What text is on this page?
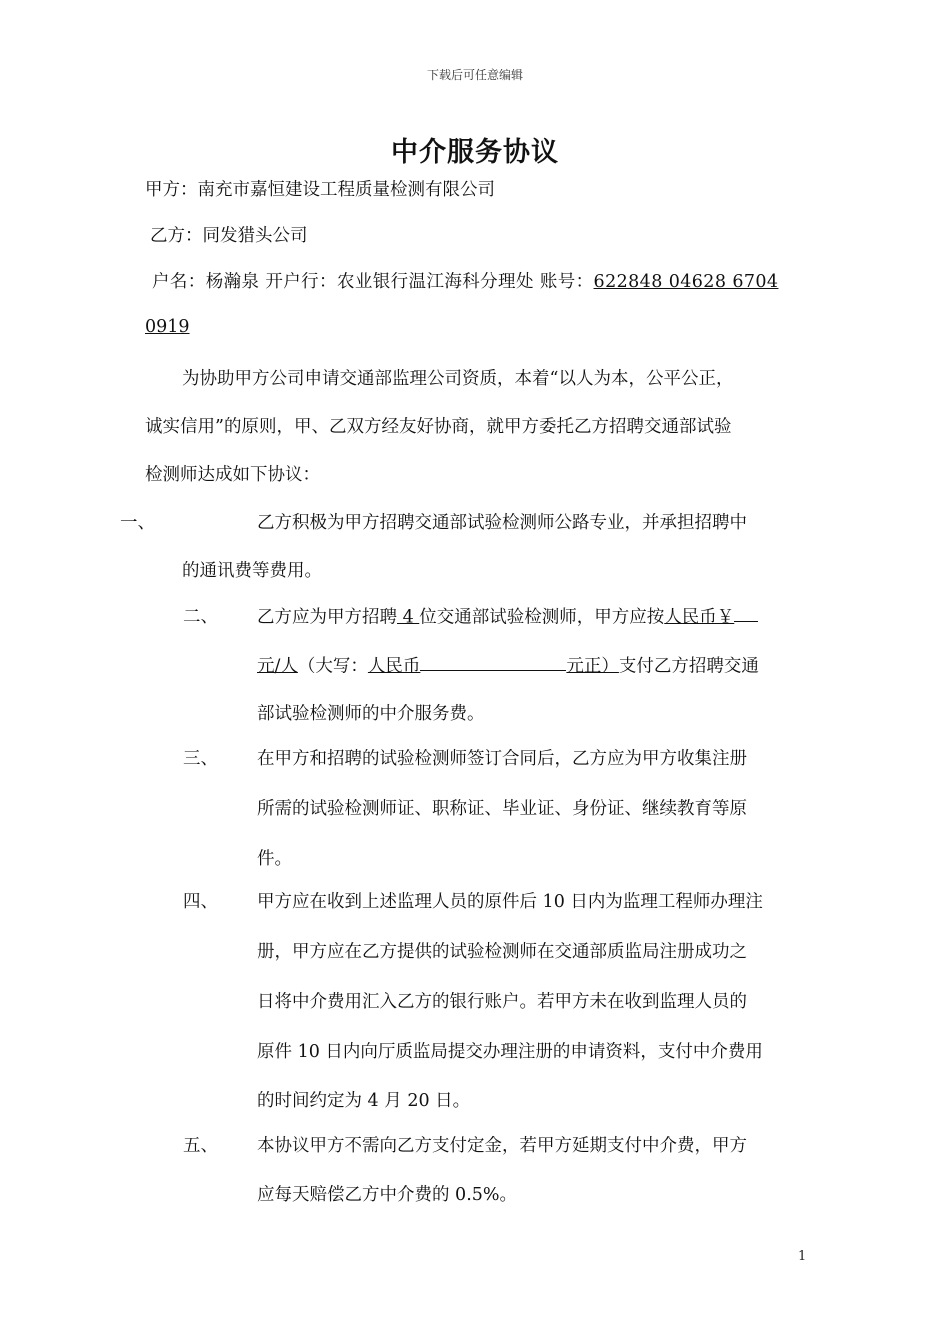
下载后可任意编辑
中介服务协议
甲方：南充市嘉恒建设工程质量检测有限公司
乙方：同发猎头公司
户名：杨瀚泉 开户行：农业银行温江海科分理处 账号：622848 04628 6704
0919
为协助甲方公司申请交通部监理公司资质，本着“以人为本，公平公正，
诚实信用”的原则，甲、乙双方经友好协商，就甲方委托乙方招聘交通部试验
检测师达成如下协议：
一、	乙方积极为甲方招聘交通部试验检测师公路专业，并承担招聘中
的通讯费等费用。
二、 乙方应为甲方招聘 4 位交通部试验检测师，甲方应按人民币￥
元/人（大写：人民币	元正）支付乙方招聘交通
部试验检测师的中介服务费。
三、 在甲方和招聘的试验检测师签订合同后，乙方应为甲方收集注册
所需的试验检测师证、职称证、毕业证、身份证、继续教育等原
件。
四、 甲方应在收到上述监理人员的原件后 10 日内为监理工程师办理注
册，甲方应在乙方提供的试验检测师在交通部质监局注册成功之
日将中介费用汇入乙方的银行账户。若甲方未在收到监理人员的
原件 10 日内向厅质监局提交办理注册的申请资料，支付中介费用
的时间约定为 4 月 20 日。
五、 本协议甲方不需向乙方支付定金，若甲方延期支付中介费，甲方
应每天赔偿乙方中介费的 0.5%。
1
